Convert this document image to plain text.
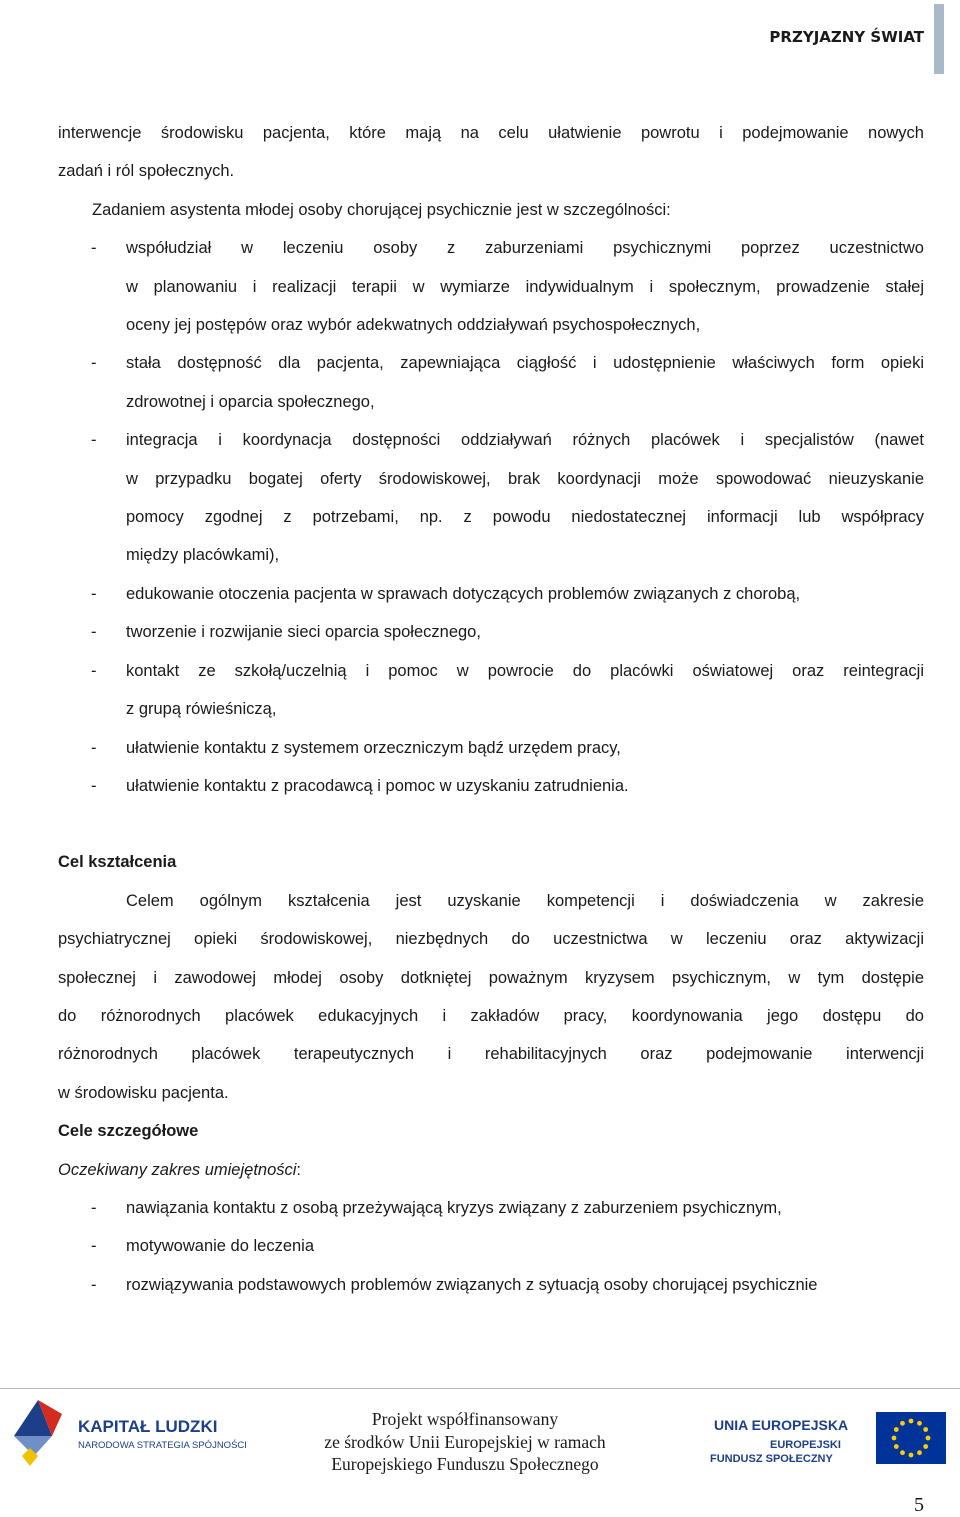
PRZYJAZNY ŚWIAT

interwencje środowisku pacjenta, które mają na celu ułatwienie powrotu i podejmowanie nowych

zadań i ról społecznych.

Zadaniem asystenta młodej osoby chorującej psychicznie jest w szczególności:

- współudział w leczeniu osoby z zaburzeniami psychicznymi poprzez uczestnictwo

w planowaniu i realizacji terapii w wymiarze indywidualnym i społecznym, prowadzenie stałej

oceny jej postępów oraz wybór adekwatnych oddziaływań psychospołecznych,

- stała dostępność dla pacjenta, zapewniająca ciągłość i udostępnienie właściwych form opieki

zdrowotnej i oparcia społecznego,

- integracja i koordynacja dostępności oddziaływań różnych placówek i specjalistów (nawet

w przypadku bogatej oferty środowiskowej, brak koordynacji może spowodować nieuzyskanie

pomocy zgodnej z potrzebami, np. z powodu niedostatecznej informacji lub współpracy

między placówkami),

- edukowanie otoczenia pacjenta w sprawach dotyczących problemów związanych z chorobą,

- tworzenie i rozwijanie sieci oparcia społecznego,

- kontakt ze szkołą/uczelnią i pomoc w powrocie do placówki oświatowej oraz reintegracji

z grupą rówieśniczą,

- ułatwienie kontaktu z systemem orzeczniczym bądź urzędem pracy,

- ułatwienie kontaktu z pracodawcą i pomoc w uzyskaniu zatrudnienia.

Cel kształcenia

Celem ogólnym kształcenia jest uzyskanie kompetencji i doświadczenia w zakresie

psychiatrycznej opieki środowiskowej, niezbędnych do uczestnictwa w leczeniu oraz aktywizacji

społecznej i zawodowej młodej osoby dotkniętej poważnym kryzysem psychicznym, w tym dostępie

do różnorodnych placówek edukacyjnych i zakładów pracy, koordynowania jego dostępu do

różnorodnych placówek terapeutycznych i rehabilitacyjnych oraz podejmowanie interwencji

w środowisku pacjenta.

Cele szczegółowe

Oczekiwany zakres umiejętności:

- nawiązania kontaktu z osobą przeżywającą kryzys związany z zaburzeniem psychicznym,

- motywowanie do leczenia

- rozwiązywania podstawowych problemów związanych z sytuacją osoby chorującej psychicznie

KAPITAŁ LUDZKI
NARODOWA STRATEGIA SPÓJNOŚCI
Projekt współfinansowany
ze środków Unii Europejskiej w ramach
Europejskiego Funduszu Społecznego
UNIA EUROPEJSKA
EUROPEJSKI
FUNDUSZ SPOŁECZNY
5
